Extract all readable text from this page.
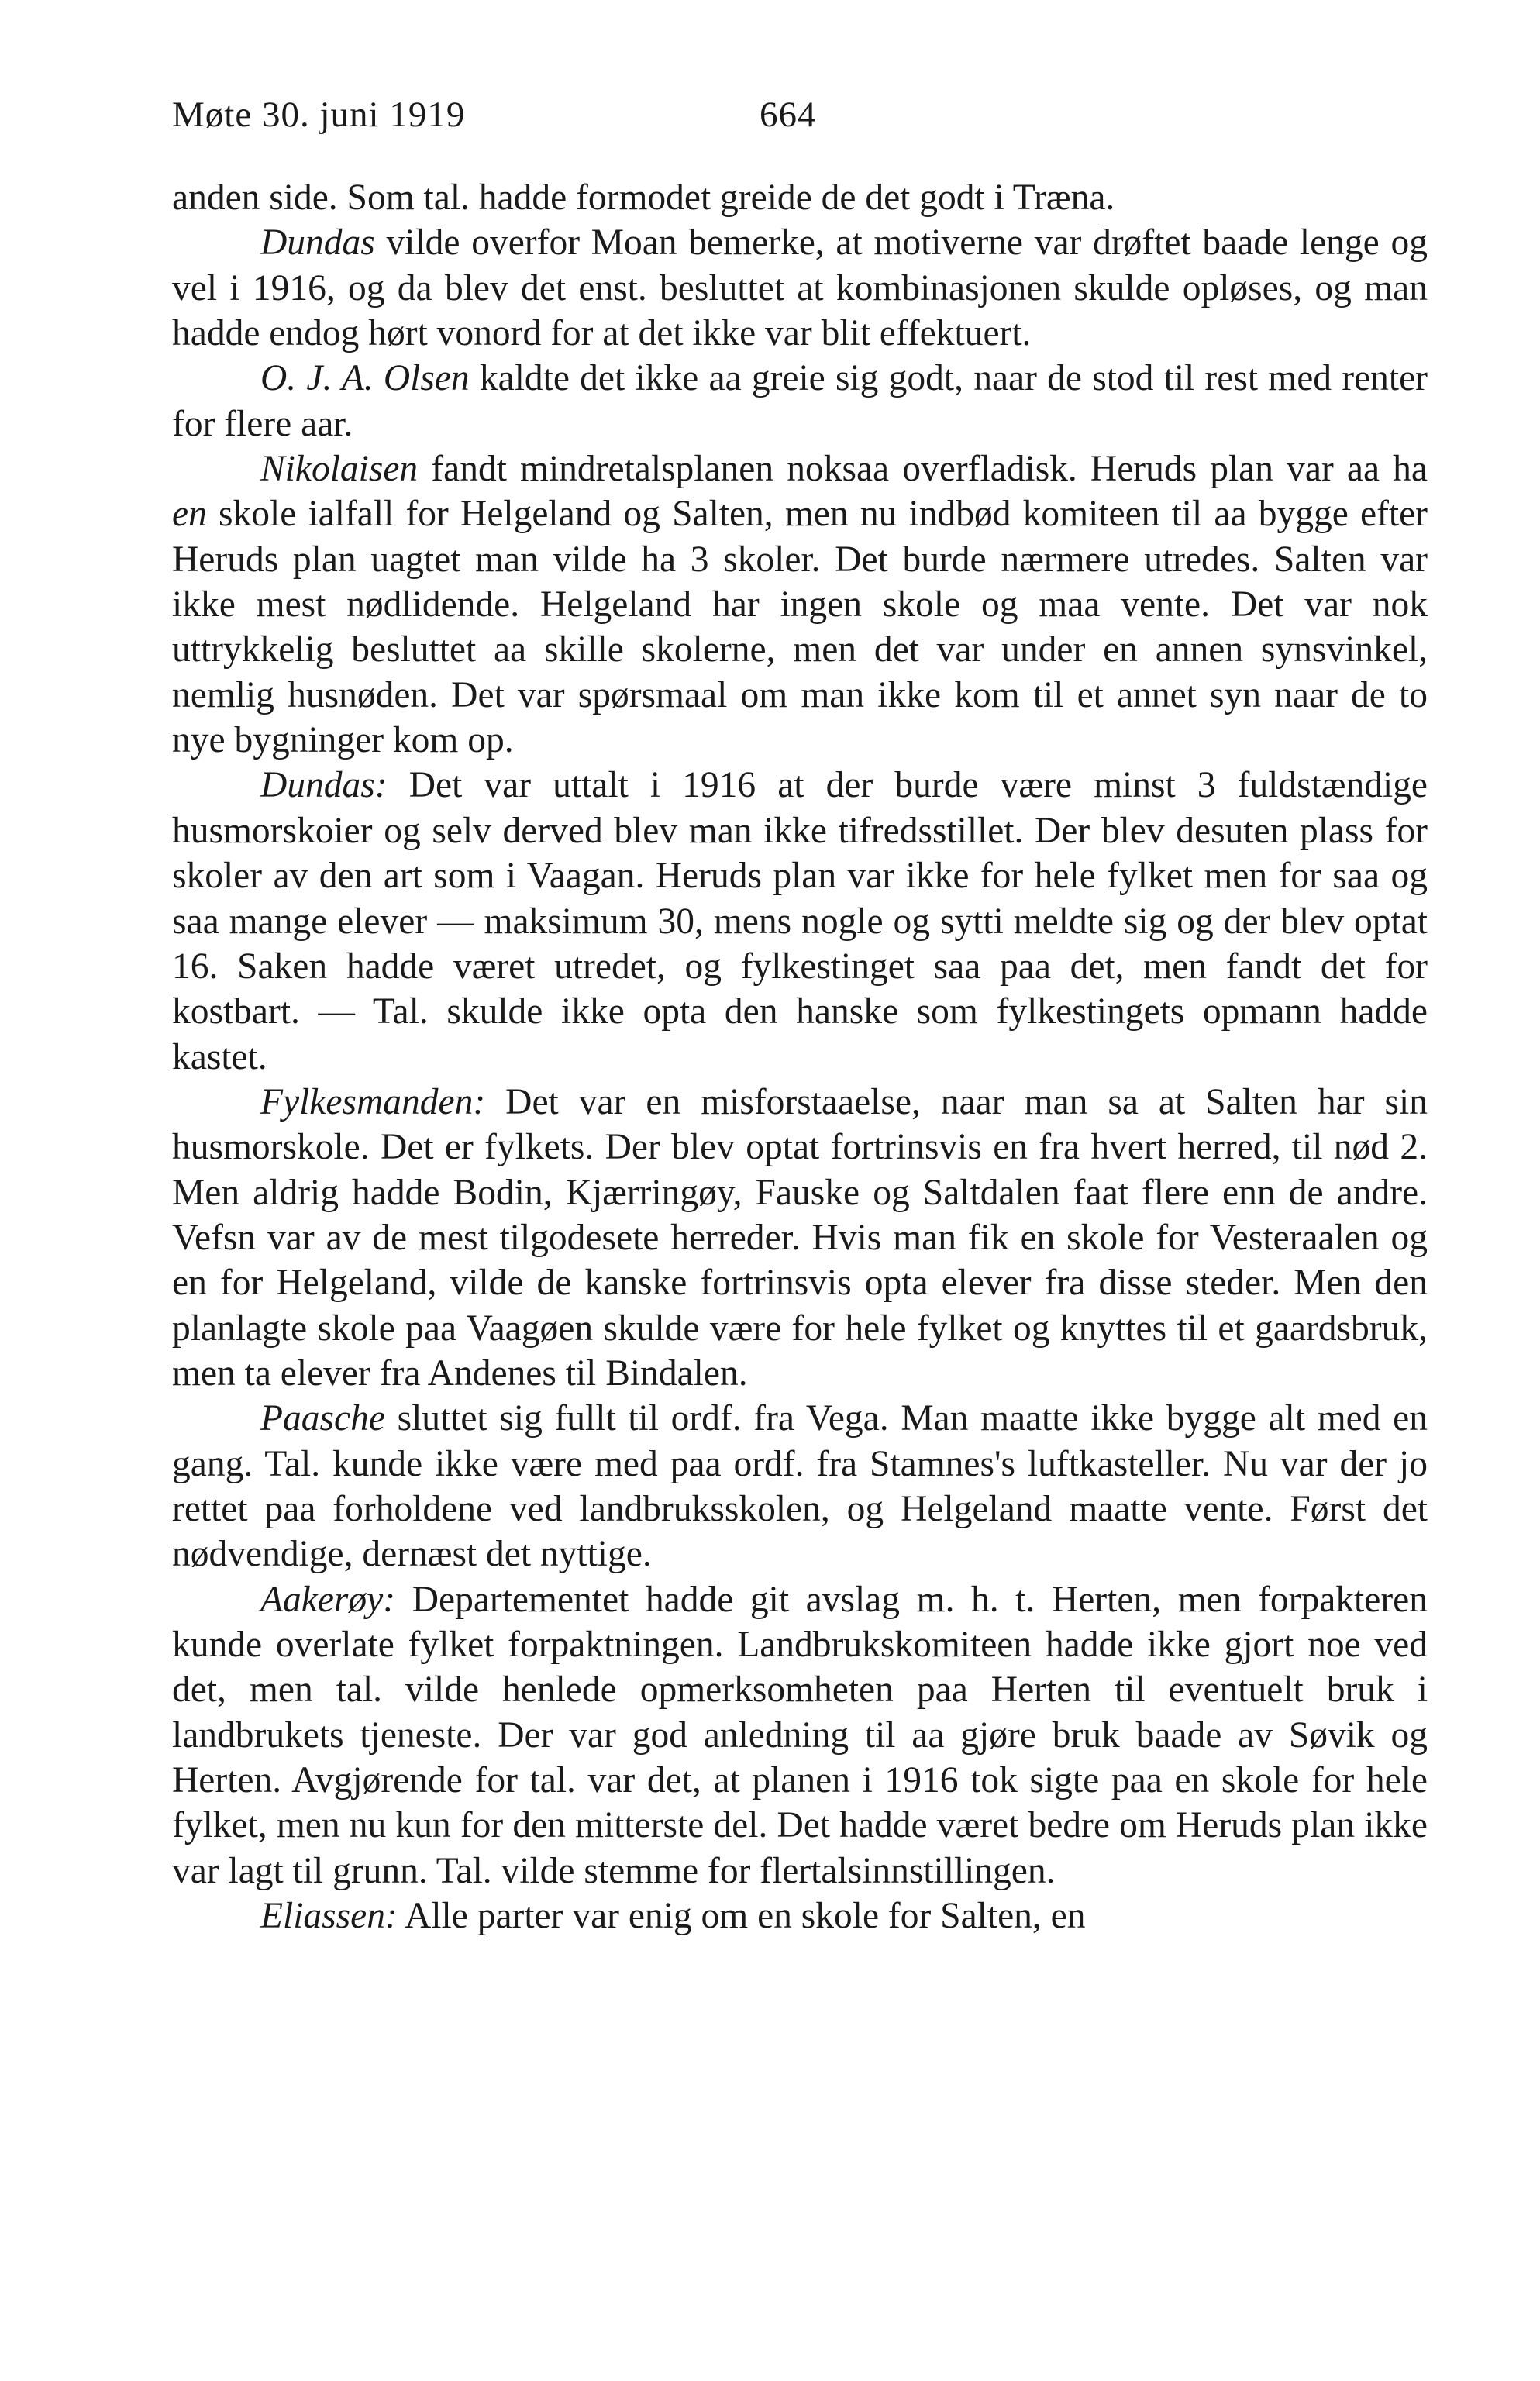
Møte 30. juni 1919	664

anden side. Som tal. hadde formodet greide de det godt i Træna.

Dundas vilde overfor Moan bemerke, at motiverne var drøftet baade lenge og vel i 1916, og da blev det enst. besluttet at kombinasjonen skulde opløses, og man hadde endog hørt vonord for at det ikke var blit effektuert.

O. J. A. Olsen kaldte det ikke aa greie sig godt, naar de stod til rest med renter for flere aar.

Nikolaisen fandt mindretalsplanen noksaa overfladisk. Heruds plan var aa ha en skole ialfall for Helgeland og Salten, men nu indbød komiteen til aa bygge efter Heruds plan uagtet man vilde ha 3 skoler. Det burde nærmere utredes. Salten var ikke mest nødlidende. Helgeland har ingen skole og maa vente. Det var nok uttrykkelig besluttet aa skille skolerne, men det var under en annen synsvinkel, nemlig husnøden. Det var spørsmaal om man ikke kom til et annet syn naar de to nye bygninger kom op.

Dundas: Det var uttalt i 1916 at der burde være minst 3 fuldstændige husmorskoier og selv derved blev man ikke tifredsstillet. Der blev desuten plass for skoler av den art som i Vaagan. Heruds plan var ikke for hele fylket men for saa og saa mange elever — maksimum 30, mens nogle og sytti meldte sig og der blev optat 16. Saken hadde været utredet, og fylkestinget saa paa det, men fandt det for kostbart. — Tal. skulde ikke opta den hanske som fylkestingets opmann hadde kastet.

Fylkesmanden: Det var en misforstaaelse, naar man sa at Salten har sin husmorskole. Det er fylkets. Der blev optat fortrinsvis en fra hvert herred, til nød 2. Men aldrig hadde Bodin, Kjærringøy, Fauske og Saltdalen faat flere enn de andre. Vefsn var av de mest tilgodesete herreder. Hvis man fik en skole for Vesteraalen og en for Helgeland, vilde de kanske fortrinsvis opta elever fra disse steder. Men den planlagte skole paa Vaagøen skulde være for hele fylket og knyttes til et gaardsbruk, men ta elever fra Andenes til Bindalen.

Paasche sluttet sig fullt til ordf. fra Vega. Man maatte ikke bygge alt med en gang. Tal. kunde ikke være med paa ordf. fra Stamnes's luftkasteller. Nu var der jo rettet paa forholdene ved landbruksskolen, og Helgeland maatte vente. Først det nødvendige, dernæst det nyttige.

Aakerøy: Departementet hadde git avslag m. h. t. Herten, men forpakteren kunde overlate fylket forpaktningen. Landbrukskomiteen hadde ikke gjort noe ved det, men tal. vilde henlede opmerksomheten paa Herten til eventuelt bruk i landbrukets tjeneste. Der var god anledning til aa gjøre bruk baade av Søvik og Herten. Avgjørende for tal. var det, at planen i 1916 tok sigte paa en skole for hele fylket, men nu kun for den mitterste del. Det hadde været bedre om Heruds plan ikke var lagt til grunn. Tal. vilde stemme for flertalsinnstillingen.

Eliassen: Alle parter var enig om en skole for Salten, en
